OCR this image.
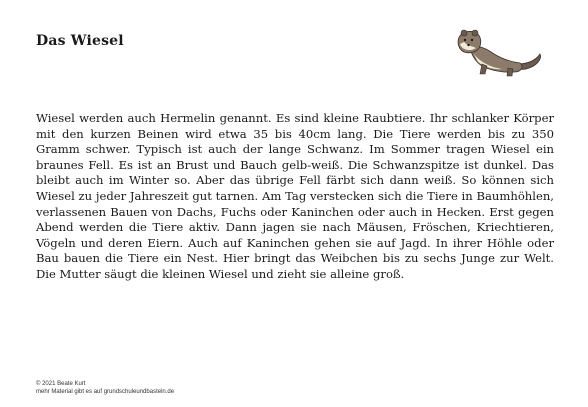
Das Wiesel

Wiesel werden auch Hermelin genannt. Es sind kleine Raubtiere. Ihr schlanker Körper mit den kurzen Beinen wird etwa 35 bis 40cm lang. Die Tiere werden bis zu 350 Gramm schwer. Typisch ist auch der lange Schwanz. Im Sommer tragen Wiesel ein braunes Fell. Es ist an Brust und Bauch gelb-weiß. Die Schwanzspitze ist dunkel. Das bleibt auch im Winter so. Aber das übrige Fell färbt sich dann weiß. So können sich Wiesel zu jeder Jahreszeit gut tarnen. Am Tag verstecken sich die Tiere in Baumhöhlen, verlassenen Bauen von Dachs, Fuchs oder Kaninchen oder auch in Hecken. Erst gegen Abend werden die Tiere aktiv. Dann jagen sie nach Mäusen, Fröschen, Kriechtieren, Vögeln und deren Eiern. Auch auf Kaninchen gehen sie auf Jagd. In ihrer Höhle oder Bau bauen die Tiere ein Nest. Hier bringt das Weibchen bis zu sechs Junge zur Welt. Die Mutter säugt die kleinen Wiesel und zieht sie alleine groß.

© 2021 Beate Kurt
mehr Material gibt es auf grundschuleundbasteln.de
